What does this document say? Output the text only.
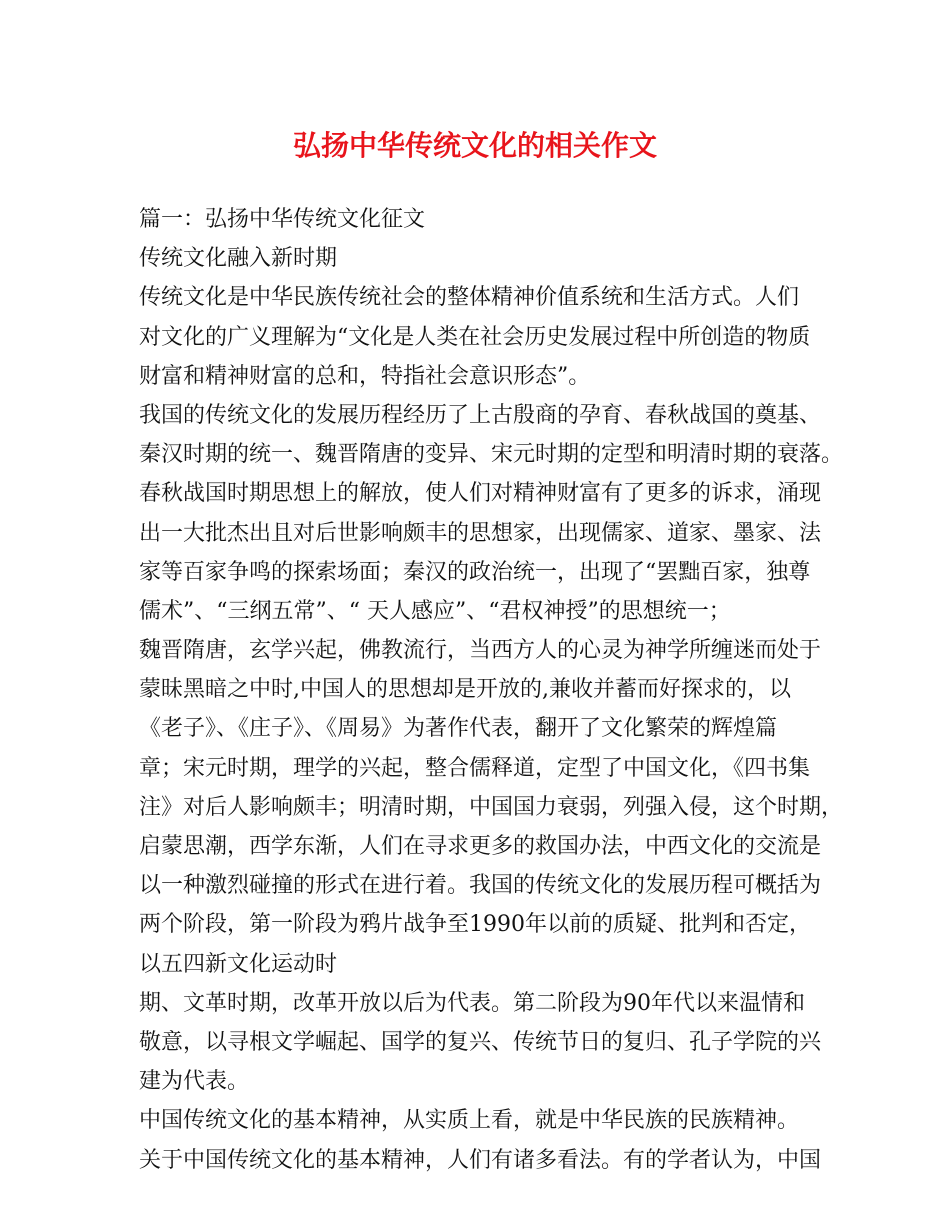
弘扬中华传统文化的相关作文

篇一：弘扬中华传统文化征文

传统文化融入新时期

传统文化是中华民族传统社会的整体精神价值系统和生活方式。人们

对文化的广义理解为“文化是人类在社会历史发展过程中所创造的物质

财富和精神财富的总和，特指社会意识形态”。

我国的传统文化的发展历程经历了上古殷商的孕育、春秋战国的奠基、

秦汉时期的统一、魏晋隋唐的变异、宋元时期的定型和明清时期的衰落。

春秋战国时期思想上的解放，使人们对精神财富有了更多的诉求，涌现

出一大批杰出且对后世影响颇丰的思想家，出现儒家、道家、墨家、法

家等百家争鸣的探索场面；秦汉的政治统一，出现了“罢黜百家，独尊

儒术”、“三纲五常”、“ 天人感应”、“君权神授”的思想统一；

魏晋隋唐，玄学兴起，佛教流行，当西方人的心灵为神学所缠迷而处于

蒙昧黑暗之中时,中国人的思想却是开放的,兼收并蓄而好探求的，以

《老子》、《庄子》、《周易》为著作代表，翻开了文化繁荣的辉煌篇

章；宋元时期，理学的兴起，整合儒释道，定型了中国文化，《四书集

注》对后人影响颇丰；明清时期，中国国力衰弱，列强入侵，这个时期，

启蒙思潮，西学东渐，人们在寻求更多的救国办法，中西文化的交流是

以一种激烈碰撞的形式在进行着。我国的传统文化的发展历程可概括为

两个阶段，第一阶段为鸦片战争至1990年以前的质疑、批判和否定，

以五四新文化运动时

期、文革时期，改革开放以后为代表。第二阶段为90年代以来温情和

敬意，以寻根文学崛起、国学的复兴、传统节日的复归、孔子学院的兴

建为代表。

中国传统文化的基本精神，从实质上看，就是中华民族的民族精神。

关于中国传统文化的基本精神，人们有诸多看法。有的学者认为，中国
